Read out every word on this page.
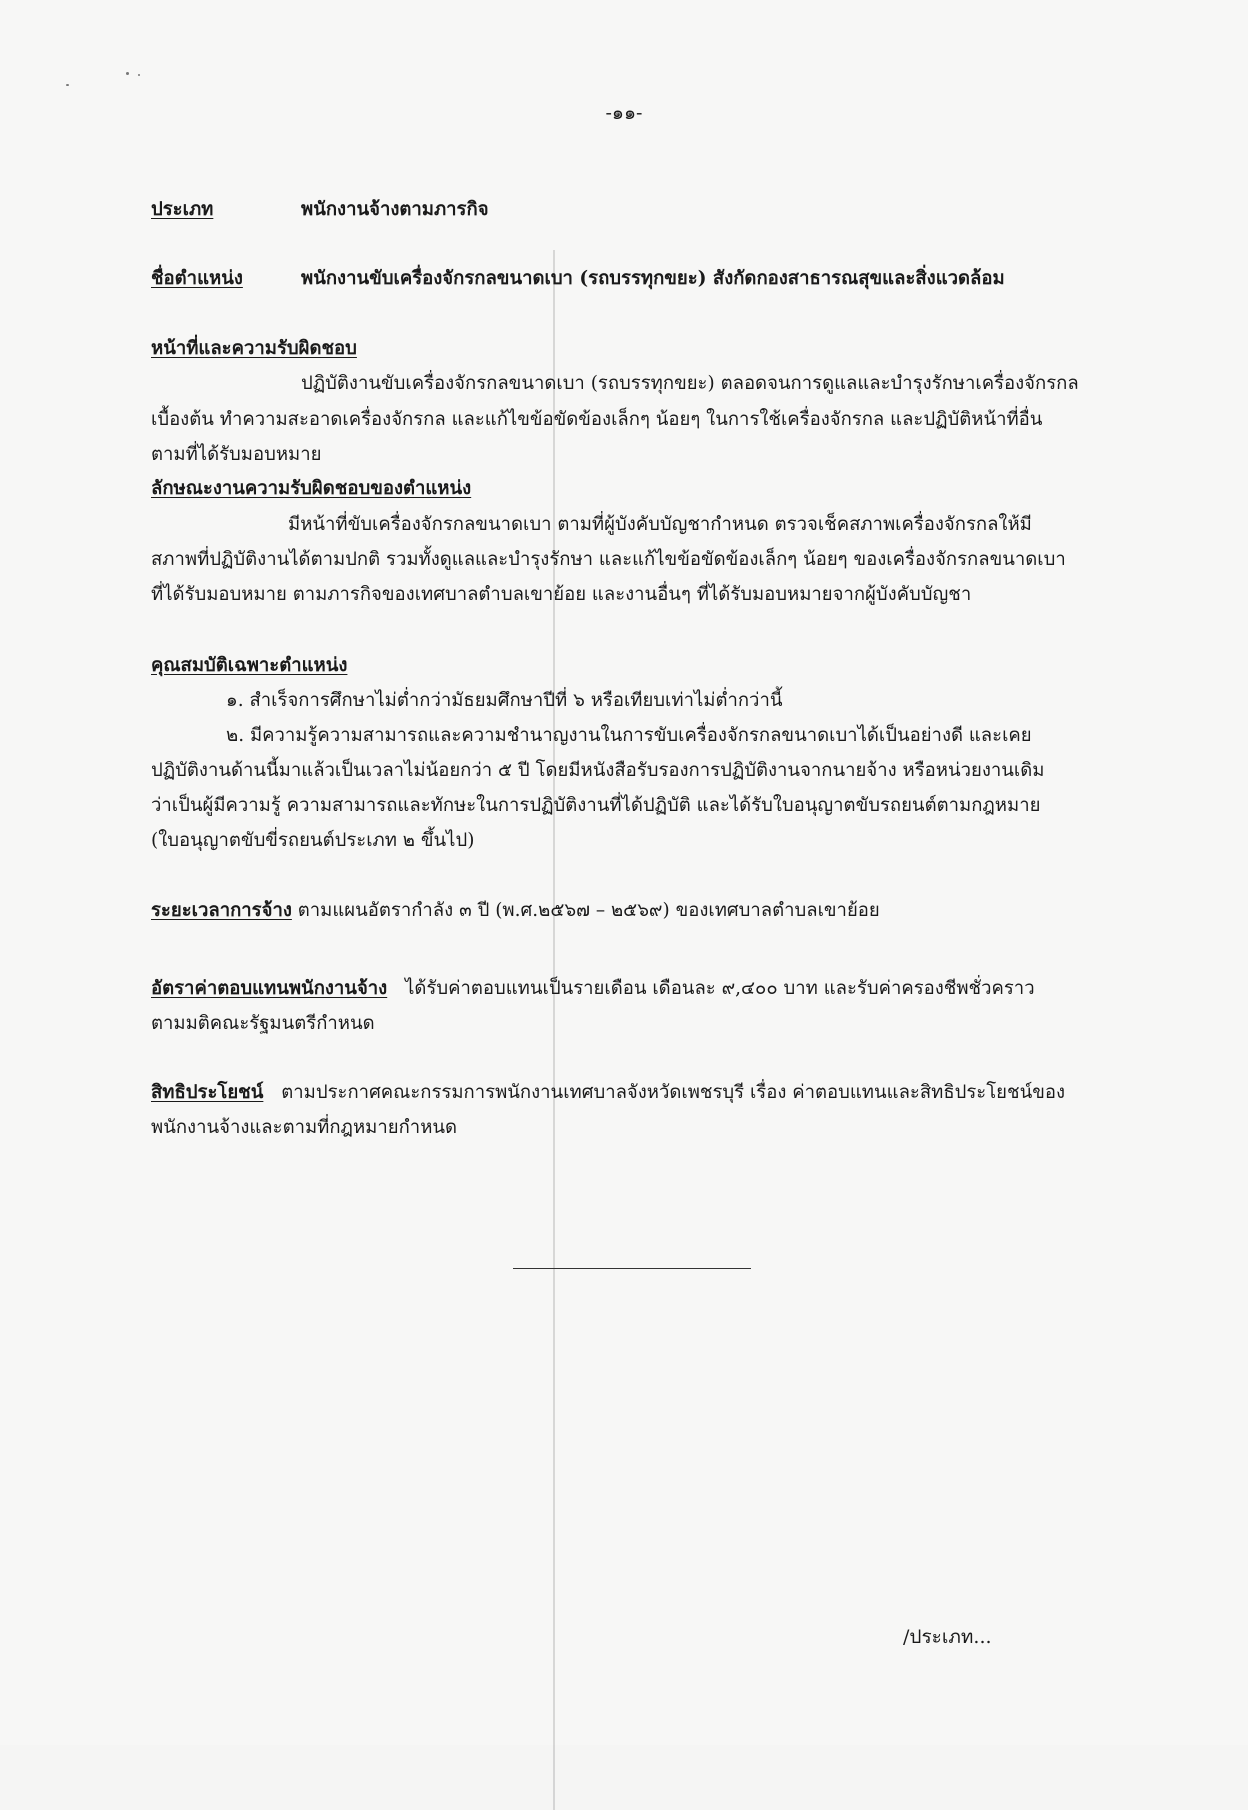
-๑๑-
ประเภท	พนักงานจ้างตามภารกิจ
ชื่อตำแหน่ง	พนักงานขับเครื่องจักรกลขนาดเบา (รถบรรทุกขยะ) สังกัดกองสาธารณสุขและสิ่งแวดล้อม
หน้าที่และความรับผิดชอบ
ปฏิบัติงานขับเครื่องจักรกลขนาดเบา (รถบรรทุกขยะ) ตลอดจนการดูแลและบำรุงรักษาเครื่องจักรกล
เบื้องต้น ทำความสะอาดเครื่องจักรกล และแก้ไขข้อขัดข้องเล็กๆ น้อยๆ ในการใช้เครื่องจักรกล และปฏิบัติหน้าที่อื่น
ตามที่ได้รับมอบหมาย
ลักษณะงานความรับผิดชอบของตำแหน่ง
มีหน้าที่ขับเครื่องจักรกลขนาดเบา ตามที่ผู้บังคับบัญชากำหนด ตรวจเช็คสภาพเครื่องจักรกลให้มี
สภาพที่ปฏิบัติงานได้ตามปกติ รวมทั้งดูแลและบำรุงรักษา และแก้ไขข้อขัดข้องเล็กๆ น้อยๆ ของเครื่องจักรกลขนาดเบา
ที่ได้รับมอบหมาย ตามภารกิจของเทศบาลตำบลเขาย้อย และงานอื่นๆ ที่ได้รับมอบหมายจากผู้บังคับบัญชา
คุณสมบัติเฉพาะตำแหน่ง
๑. สำเร็จการศึกษาไม่ต่ำกว่ามัธยมศึกษาปีที่ ๖ หรือเทียบเท่าไม่ต่ำกว่านี้
๒. มีความรู้ความสามารถและความชำนาญงานในการขับเครื่องจักรกลขนาดเบาได้เป็นอย่างดี และเคย
ปฏิบัติงานด้านนี้มาแล้วเป็นเวลาไม่น้อยกว่า ๕ ปี โดยมีหนังสือรับรองการปฏิบัติงานจากนายจ้าง หรือหน่วยงานเดิม
ว่าเป็นผู้มีความรู้ ความสามารถและทักษะในการปฏิบัติงานที่ได้ปฏิบัติ และได้รับใบอนุญาตขับรถยนต์ตามกฎหมาย
(ใบอนุญาตขับขี่รถยนต์ประเภท ๒ ขึ้นไป)
ระยะเวลาการจ้าง ตามแผนอัตรากำลัง ๓ ปี (พ.ศ.๒๕๖๗ – ๒๕๖๙) ของเทศบาลตำบลเขาย้อย
อัตราค่าตอบแทนพนักงานจ้าง ได้รับค่าตอบแทนเป็นรายเดือน เดือนละ ๙,๔๐๐ บาท และรับค่าครองชีพชั่วคราว
ตามมติคณะรัฐมนตรีกำหนด
สิทธิประโยชน์ ตามประกาศคณะกรรมการพนักงานเทศบาลจังหวัดเพชรบุรี เรื่อง ค่าตอบแทนและสิทธิประโยชน์ของ
พนักงานจ้างและตามที่กฎหมายกำหนด
/ประเภท...
